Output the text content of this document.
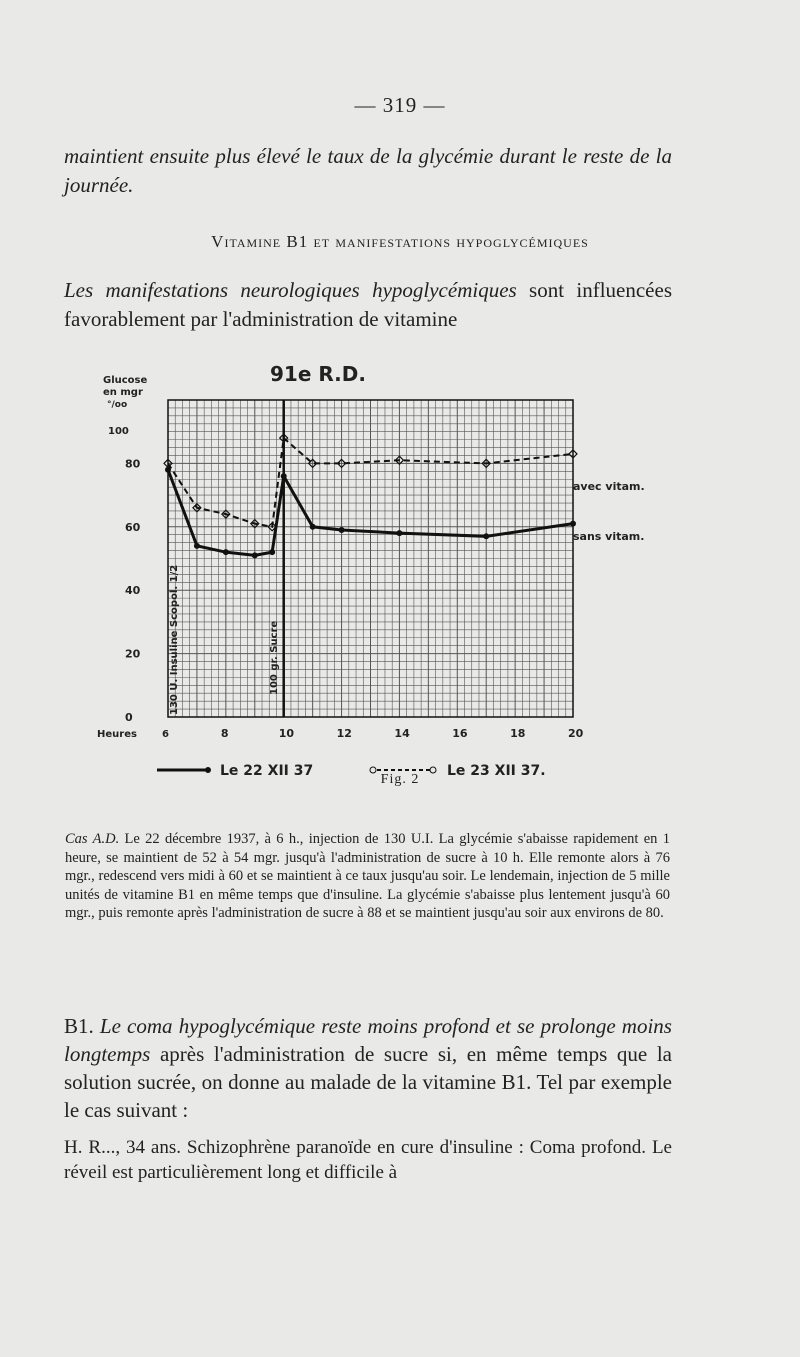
— 319 —
maintient ensuite plus élevé le taux de la glycémie durant le reste de la journée.
Vitamine B1 et manifestations hypoglycémiques
Les manifestations neurologiques hypoglycémiques sont influencées favorablement par l'administration de vitamine
Glucose
en mgr
°/oo
91e R.D.
avec vitam.
sans vitam.
130 U. Insuline Scopol. 1/2	100 gr. Sucre
Heures
0
20
40
60
80
100
6	8	10	12	14	16	18	20
Le 22 XII 37	Le 23 XII 37.
Fig. 2
Cas A.D. Le 22 décembre 1937, à 6 h., injection de 130 U.I. La glycémie s'abaisse rapidement en 1 heure, se maintient de 52 à 54 mgr. jusqu'à l'administration de sucre à 10 h. Elle remonte alors à 76 mgr., redescend vers midi à 60 et se maintient à ce taux jusqu'au soir. Le lendemain, injection de 5 mille unités de vitamine B1 en même temps que d'insuline. La glycémie s'abaisse plus lentement jusqu'à 60 mgr., puis remonte après l'administration de sucre à 88 et se maintient jusqu'au soir aux environs de 80.
B1. Le coma hypoglycémique reste moins profond et se prolonge moins longtemps après l'administration de sucre si, en même temps que la solution sucrée, on donne au malade de la vitamine B1. Tel par exemple le cas suivant :
H. R..., 34 ans. Schizophrène paranoïde en cure d'insuline : Coma profond. Le réveil est particulièrement long et difficile à
